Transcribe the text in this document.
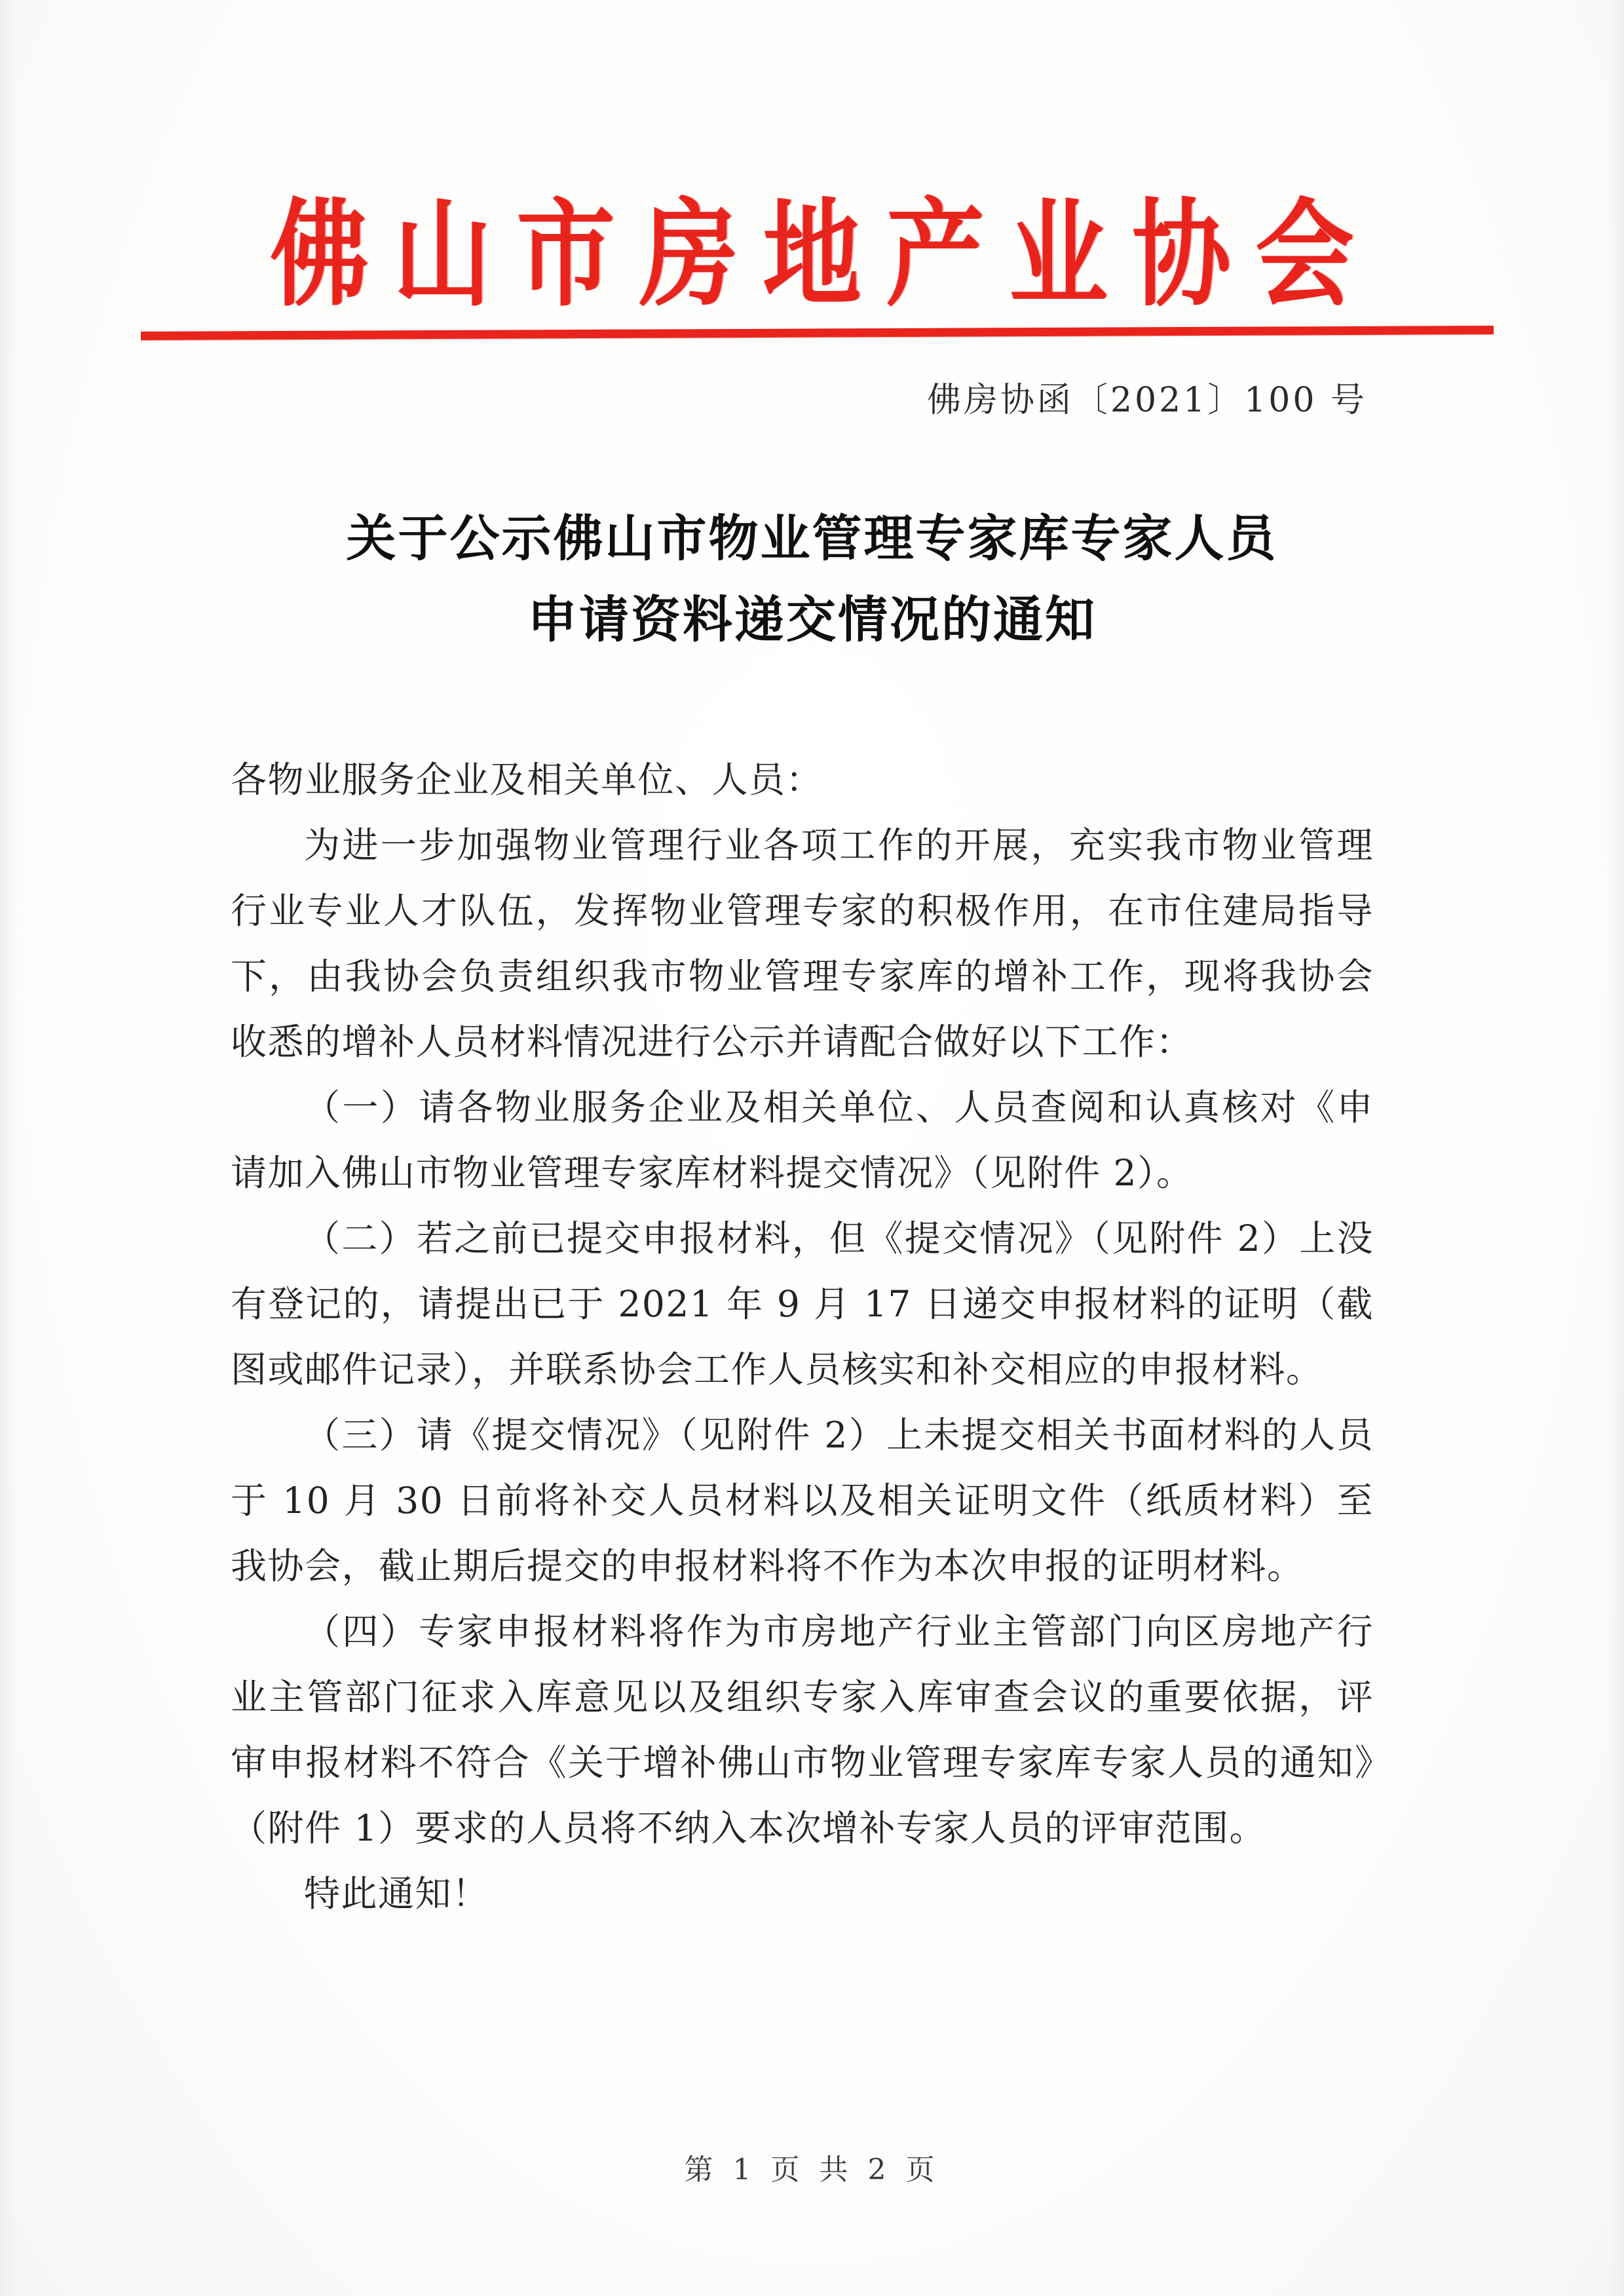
佛山市房地产业协会
佛房协函〔2021〕100 号
关于公示佛山市物业管理专家库专家人员
申请资料递交情况的通知

各物业服务企业及相关单位、人员：

为进一步加强物业管理行业各项工作的开展，充实我市物业管理行业专业人才队伍，发挥物业管理专家的积极作用，在市住建局指导下，由我协会负责组织我市物业管理专家库的增补工作，现将我协会收悉的增补人员材料情况进行公示并请配合做好以下工作：

（一）请各物业服务企业及相关单位、人员查阅和认真核对《申请加入佛山市物业管理专家库材料提交情况》（见附件 2）。

（二）若之前已提交申报材料，但《提交情况》（见附件 2）上没有登记的，请提出已于 2021 年 9 月 17 日递交申报材料的证明（截图或邮件记录），并联系协会工作人员核实和补交相应的申报材料。

（三）请《提交情况》（见附件 2）上未提交相关书面材料的人员于 10 月 30 日前将补交人员材料以及相关证明文件（纸质材料）至我协会，截止期后提交的申报材料将不作为本次申报的证明材料。

（四）专家申报材料将作为市房地产行业主管部门向区房地产行业主管部门征求入库意见以及组织专家入库审查会议的重要依据，评审申报材料不符合《关于增补佛山市物业管理专家库专家人员的通知》（附件 1）要求的人员将不纳入本次增补专家人员的评审范围。

特此通知！

第 1 页 共 2 页
